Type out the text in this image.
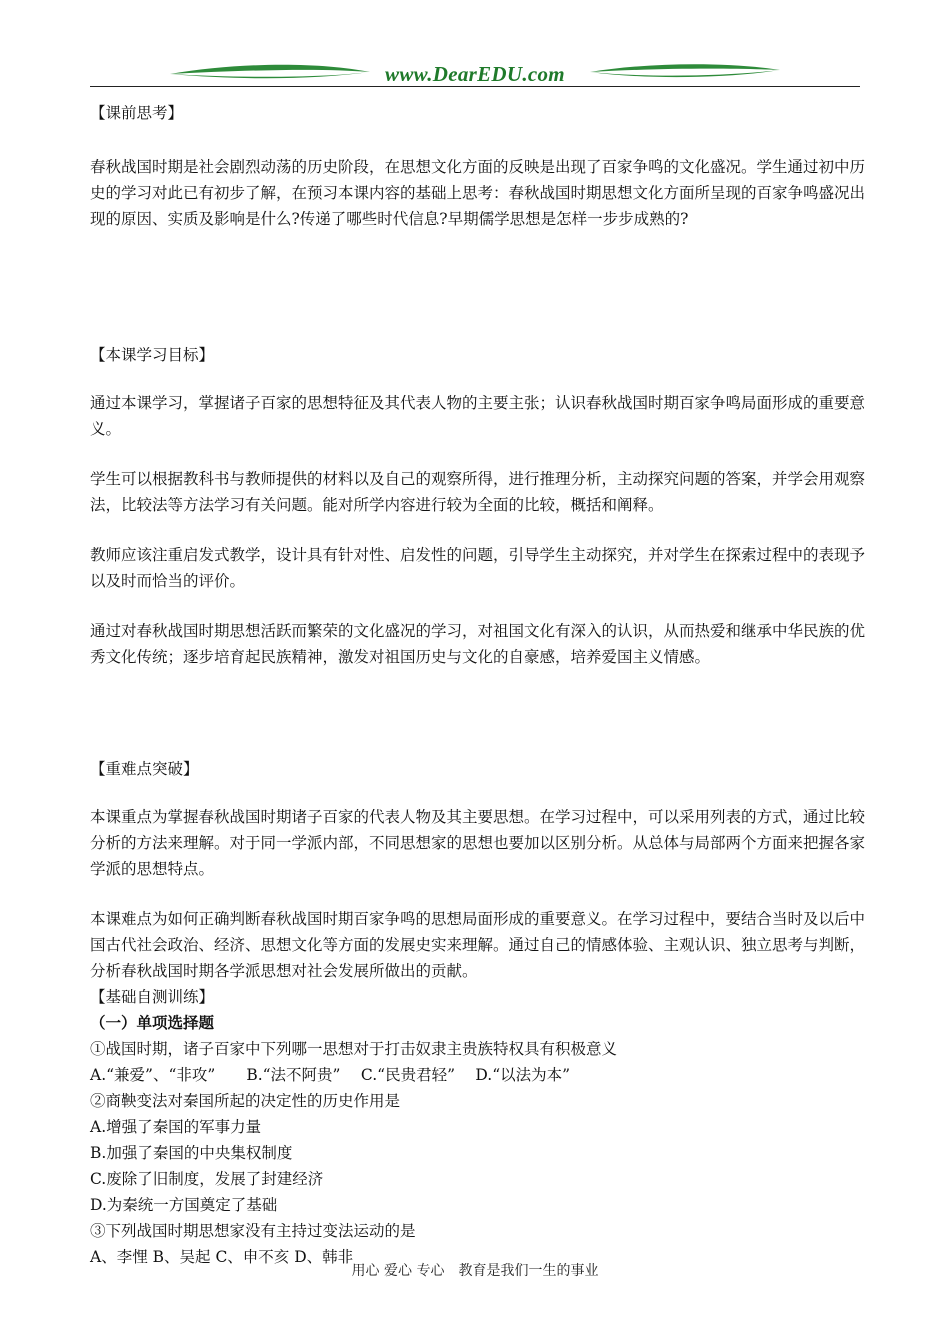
www.DearEDU.com

【课前思考】

春秋战国时期是社会剧烈动荡的历史阶段，在思想文化方面的反映是出现了百家争鸣的文化盛况。学生通过初中历史的学习对此已有初步了解，在预习本课内容的基础上思考：春秋战国时期思想文化方面所呈现的百家争鸣盛况出现的原因、实质及影响是什么?传递了哪些时代信息?早期儒学思想是怎样一步步成熟的?

【本课学习目标】

通过本课学习，掌握诸子百家的思想特征及其代表人物的主要主张；认识春秋战国时期百家争鸣局面形成的重要意义。

学生可以根据教科书与教师提供的材料以及自己的观察所得，进行推理分析，主动探究问题的答案，并学会用观察法，比较法等方法学习有关问题。能对所学内容进行较为全面的比较，概括和阐释。

教师应该注重启发式教学，设计具有针对性、启发性的问题，引导学生主动探究，并对学生在探索过程中的表现予以及时而恰当的评价。

通过对春秋战国时期思想活跃而繁荣的文化盛况的学习，对祖国文化有深入的认识，从而热爱和继承中华民族的优秀文化传统；逐步培育起民族精神，激发对祖国历史与文化的自豪感，培养爱国主义情感。

【重难点突破】

本课重点为掌握春秋战国时期诸子百家的代表人物及其主要思想。在学习过程中，可以采用列表的方式，通过比较分析的方法来理解。对于同一学派内部，不同思想家的思想也要加以区别分析。从总体与局部两个方面来把握各家学派的思想特点。

本课难点为如何正确判断春秋战国时期百家争鸣的思想局面形成的重要意义。在学习过程中，要结合当时及以后中国古代社会政治、经济、思想文化等方面的发展史实来理解。通过自己的情感体验、主观认识、独立思考与判断，分析春秋战国时期各学派思想对社会发展所做出的贡献。

【基础自测训练】

（一）单项选择题

①战国时期，诸子百家中下列哪一思想对于打击奴隶主贵族特权具有积极意义

A.“兼爱”、“非攻”　　B.“法不阿贵”　 C.“民贵君轻”　 D.“以法为本”

②商鞅变法对秦国所起的决定性的历史作用是

A.增强了秦国的军事力量

B.加强了秦国的中央集权制度

C.废除了旧制度，发展了封建经济

D.为秦统一方国奠定了基础

③下列战国时期思想家没有主持过变法运动的是

A、李悝 B、吴起 C、申不亥 D、韩非

用心 爱心 专心　教育是我们一生的事业
